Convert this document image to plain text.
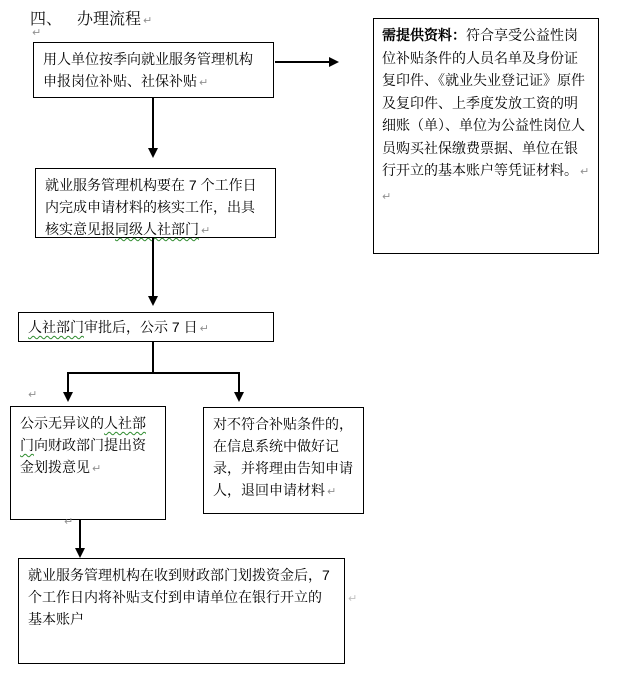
四、 办理流程 ↵
↵
用人单位按季向就业服务管理机构申报岗位补贴、社保补贴 ↵
需提供资料：符合享受公益性岗位补贴条件的人员名单及身份证复印件、《就业失业登记证》原件及复印件、上季度发放工资的明细账（单）、单位为公益性岗位人员购买社保缴费票据、单位在银行开立的基本账户等凭证材料。 ↵
↵
就业服务管理机构要在 7 个工作日内完成申请材料的核实工作，出具核实意见报同级人社部门 ↵
人社部门审批后，公示 7 日 ↵
↵
公示无异议的人社部门向财政部门提出资金划拨意见 ↵
对不符合补贴条件的，在信息系统中做好记录，并将理由告知申请人，退回申请材料 ↵
↵
就业服务管理机构在收到财政部门划拨资金后，7 个工作日内将补贴支付到申请单位在银行开立的基本账户
↵
